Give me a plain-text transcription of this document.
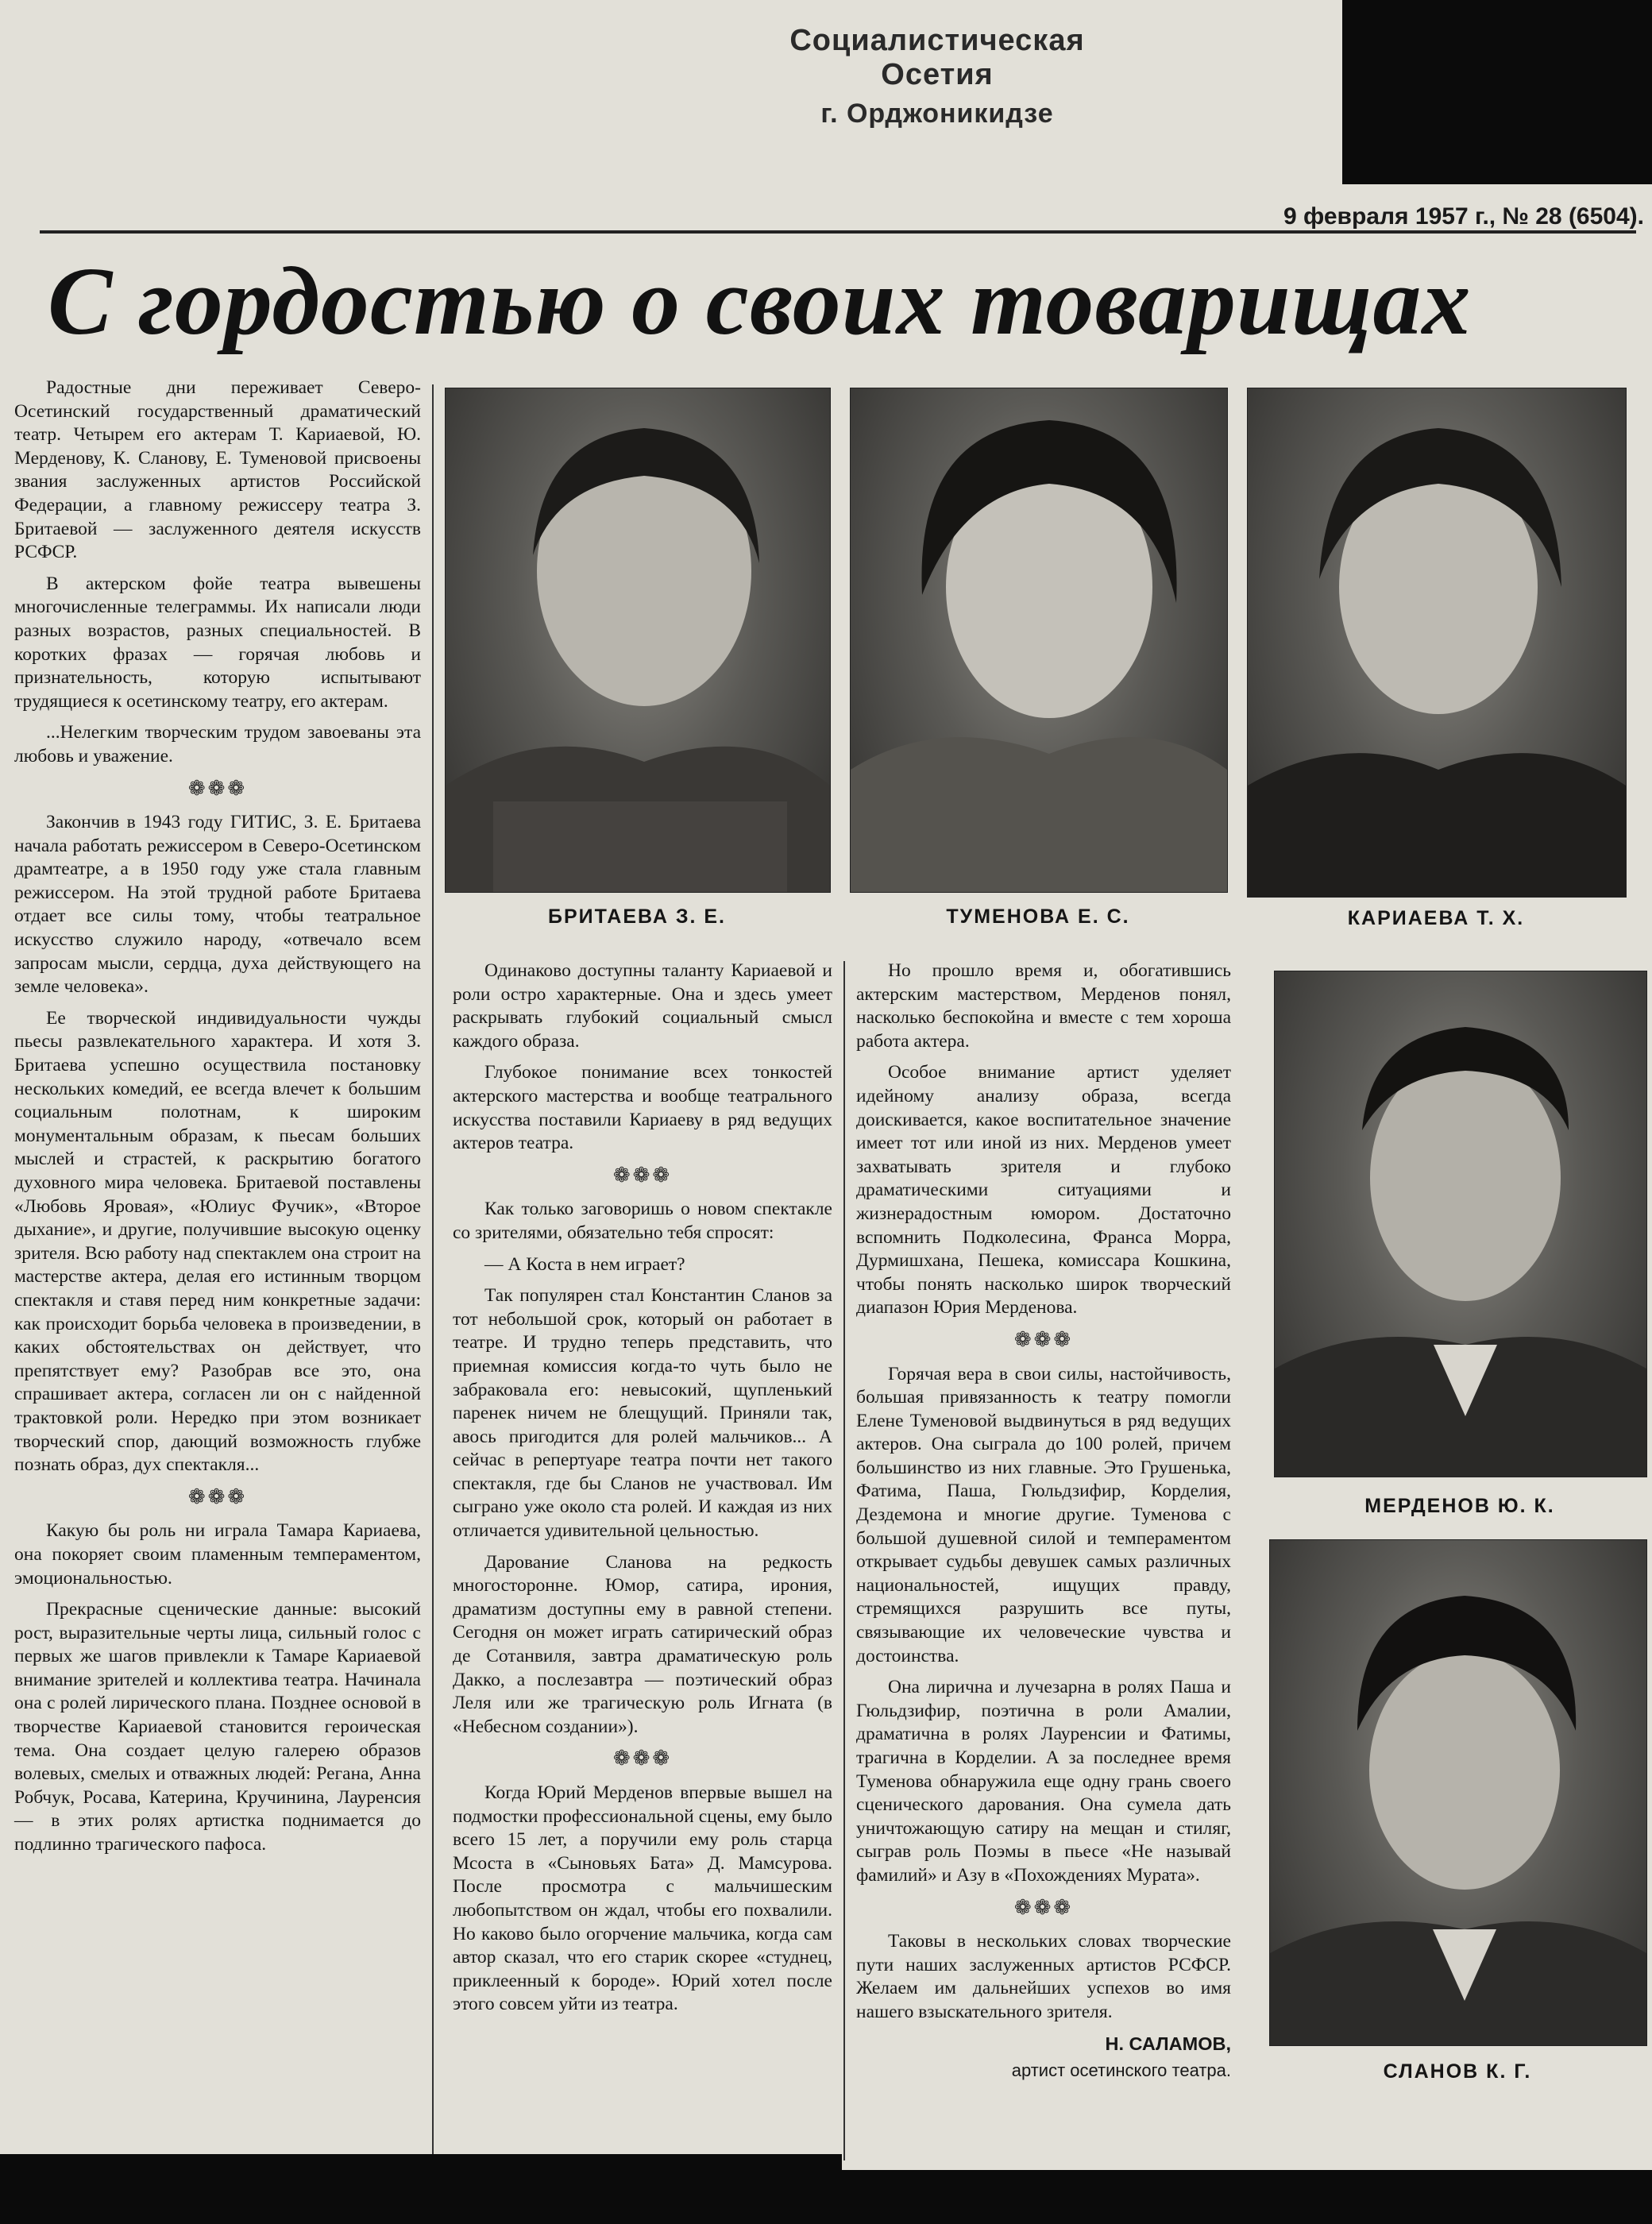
Социалистическая Осетия
г. Орджоникидзе
9 февраля 1957 г., № 28 (6504).
С гордостью о своих товарищах

Радостные дни переживает Северо-Осетинский государственный драматический театр. Четырем его актерам Т. Кариаевой, Ю. Мерденову, К. Сланову, Е. Туменовой присвоены звания заслуженных артистов Российской Федерации, а главному режиссеру театра З. Бритаевой — заслуженного деятеля искусств РСФСР.

В актерском фойе театра вывешены многочисленные телеграммы. Их написали люди разных возрастов, разных специальностей. В коротких фразах — горячая любовь и признательность, которую испытывают трудящиеся к осетинскому театру, его актерам.

...Нелегким творческим трудом завоеваны эта любовь и уважение.

❁❁❁

Закончив в 1943 году ГИТИС, З. Е. Бритаева начала работать режиссером в Северо-Осетинском драмтеатре, а в 1950 году уже стала главным режиссером. На этой трудной работе Бритаева отдает все силы тому, чтобы театральное искусство служило народу, «отвечало всем запросам мысли, сердца, духа действующего на земле человека».

Ее творческой индивидуальности чужды пьесы развлекательного характера. И хотя З. Бритаева успешно осуществила постановку нескольких комедий, ее всегда влечет к большим социальным полотнам, к широким монументальным образам, к пьесам больших мыслей и страстей, к раскрытию богатого духовного мира человека. Бритаевой поставлены «Любовь Яровая», «Юлиус Фучик», «Второе дыхание», и другие, получившие высокую оценку зрителя. Всю работу над спектаклем она строит на мастерстве актера, делая его истинным творцом спектакля и ставя перед ним конкретные задачи: как происходит борьба человека в произведении, в каких обстоятельствах он действует, что препятствует ему? Разобрав все это, она спрашивает актера, согласен ли он с найденной трактовкой роли. Нередко при этом возникает творческий спор, дающий возможность глубже познать образ, дух спектакля...

❁❁❁

Какую бы роль ни играла Тамара Кариаева, она покоряет своим пламенным темпераментом, эмоциональностью.

Прекрасные сценические данные: высокий рост, выразительные черты лица, сильный голос с первых же шагов привлекли к Тамаре Кариаевой внимание зрителей и коллектива театра. Начинала она с ролей лирического плана. Позднее основой в творчестве Кариаевой становится героическая тема. Она создает целую галерею образов волевых, смелых и отважных людей: Регана, Анна Робчук, Росава, Катерина, Кручинина, Лауренсия — в этих ролях артистка поднимается до подлинно трагического пафоса.

БРИТАЕВА З. Е.	ТУМЕНОВА Е. С.	КАРИАЕВА Т. Х.

Одинаково доступны таланту Кариаевой и роли остро характерные. Она и здесь умеет раскрывать глубокий социальный смысл каждого образа.

Глубокое понимание всех тонкостей актерского мастерства и вообще театрального искусства поставили Кариаеву в ряд ведущих актеров театра.

❁❁❁

Как только заговоришь о новом спектакле со зрителями, обязательно тебя спросят:

— А Коста в нем играет?

Так популярен стал Константин Сланов за тот небольшой срок, который он работает в театре. И трудно теперь представить, что приемная комиссия когда-то чуть было не забраковала его: невысокий, щупленький паренек ничем не блещущий. Приняли так, авось пригодится для ролей мальчиков... А сейчас в репертуаре театра почти нет такого спектакля, где бы Сланов не участвовал. Им сыграно уже около ста ролей. И каждая из них отличается удивительной цельностью.

Дарование Сланова на редкость многосторонне. Юмор, сатира, ирония, драматизм доступны ему в равной степени. Сегодня он может играть сатирический образ де Сотанвиля, завтра драматическую роль Дакко, а послезавтра — поэтический образ Леля или же трагическую роль Игната (в «Небесном создании»).

❁❁❁

Когда Юрий Мерденов впервые вышел на подмостки профессиональной сцены, ему было всего 15 лет, а поручили ему роль старца Мсоста в «Сыновьях Бата» Д. Мамсурова. После просмотра с мальчишеским любопытством он ждал, чтобы его похвалили. Но каково было огорчение мальчика, когда сам автор сказал, что его старик скорее «студнец, приклеенный к бороде». Юрий хотел после этого совсем уйти из театра.

Но прошло время и, обогатившись актерским мастерством, Мерденов понял, насколько беспокойна и вместе с тем хороша работа актера.

Особое внимание артист уделяет идейному анализу образа, всегда доискивается, какое воспитательное значение имеет тот или иной из них. Мерденов умеет захватывать зрителя и глубоко драматическими ситуациями и жизнерадостным юмором. Достаточно вспомнить Подколесина, Франса Морра, Дурмишхана, Пешека, комиссара Кошкина, чтобы понять насколько широк творческий диапазон Юрия Мерденова.

❁❁❁

Горячая вера в свои силы, настойчивость, большая привязанность к театру помогли Елене Туменовой выдвинуться в ряд ведущих актеров. Она сыграла до 100 ролей, причем большинство из них главные. Это Грушенька, Фатима, Паша, Гюльдзифир, Корделия, Дездемона и многие другие. Туменова с большой душевной силой и темпераментом открывает судьбы девушек самых различных национальностей, ищущих правду, стремящихся разрушить все путы, связывающие их человеческие чувства и достоинства.

Она лирична и лучезарна в ролях Паша и Гюльдзифир, поэтична в роли Амалии, драматична в ролях Лауренсии и Фатимы, трагична в Корделии. А за последнее время Туменова обнаружила еще одну грань своего сценического дарования. Она сумела дать уничтожающую сатиру на мещан и стиляг, сыграв роль Поэмы в пьесе «Не называй фамилий» и Азу в «Похождениях Мурата».

❁❁❁

Таковы в нескольких словах творческие пути наших заслуженных артистов РСФСР. Желаем им дальнейших успехов во имя нашего взыскательного зрителя.

Н. САЛАМОВ,

артист осетинского театра.

МЕРДЕНОВ Ю. К.
СЛАНОВ К. Г.
